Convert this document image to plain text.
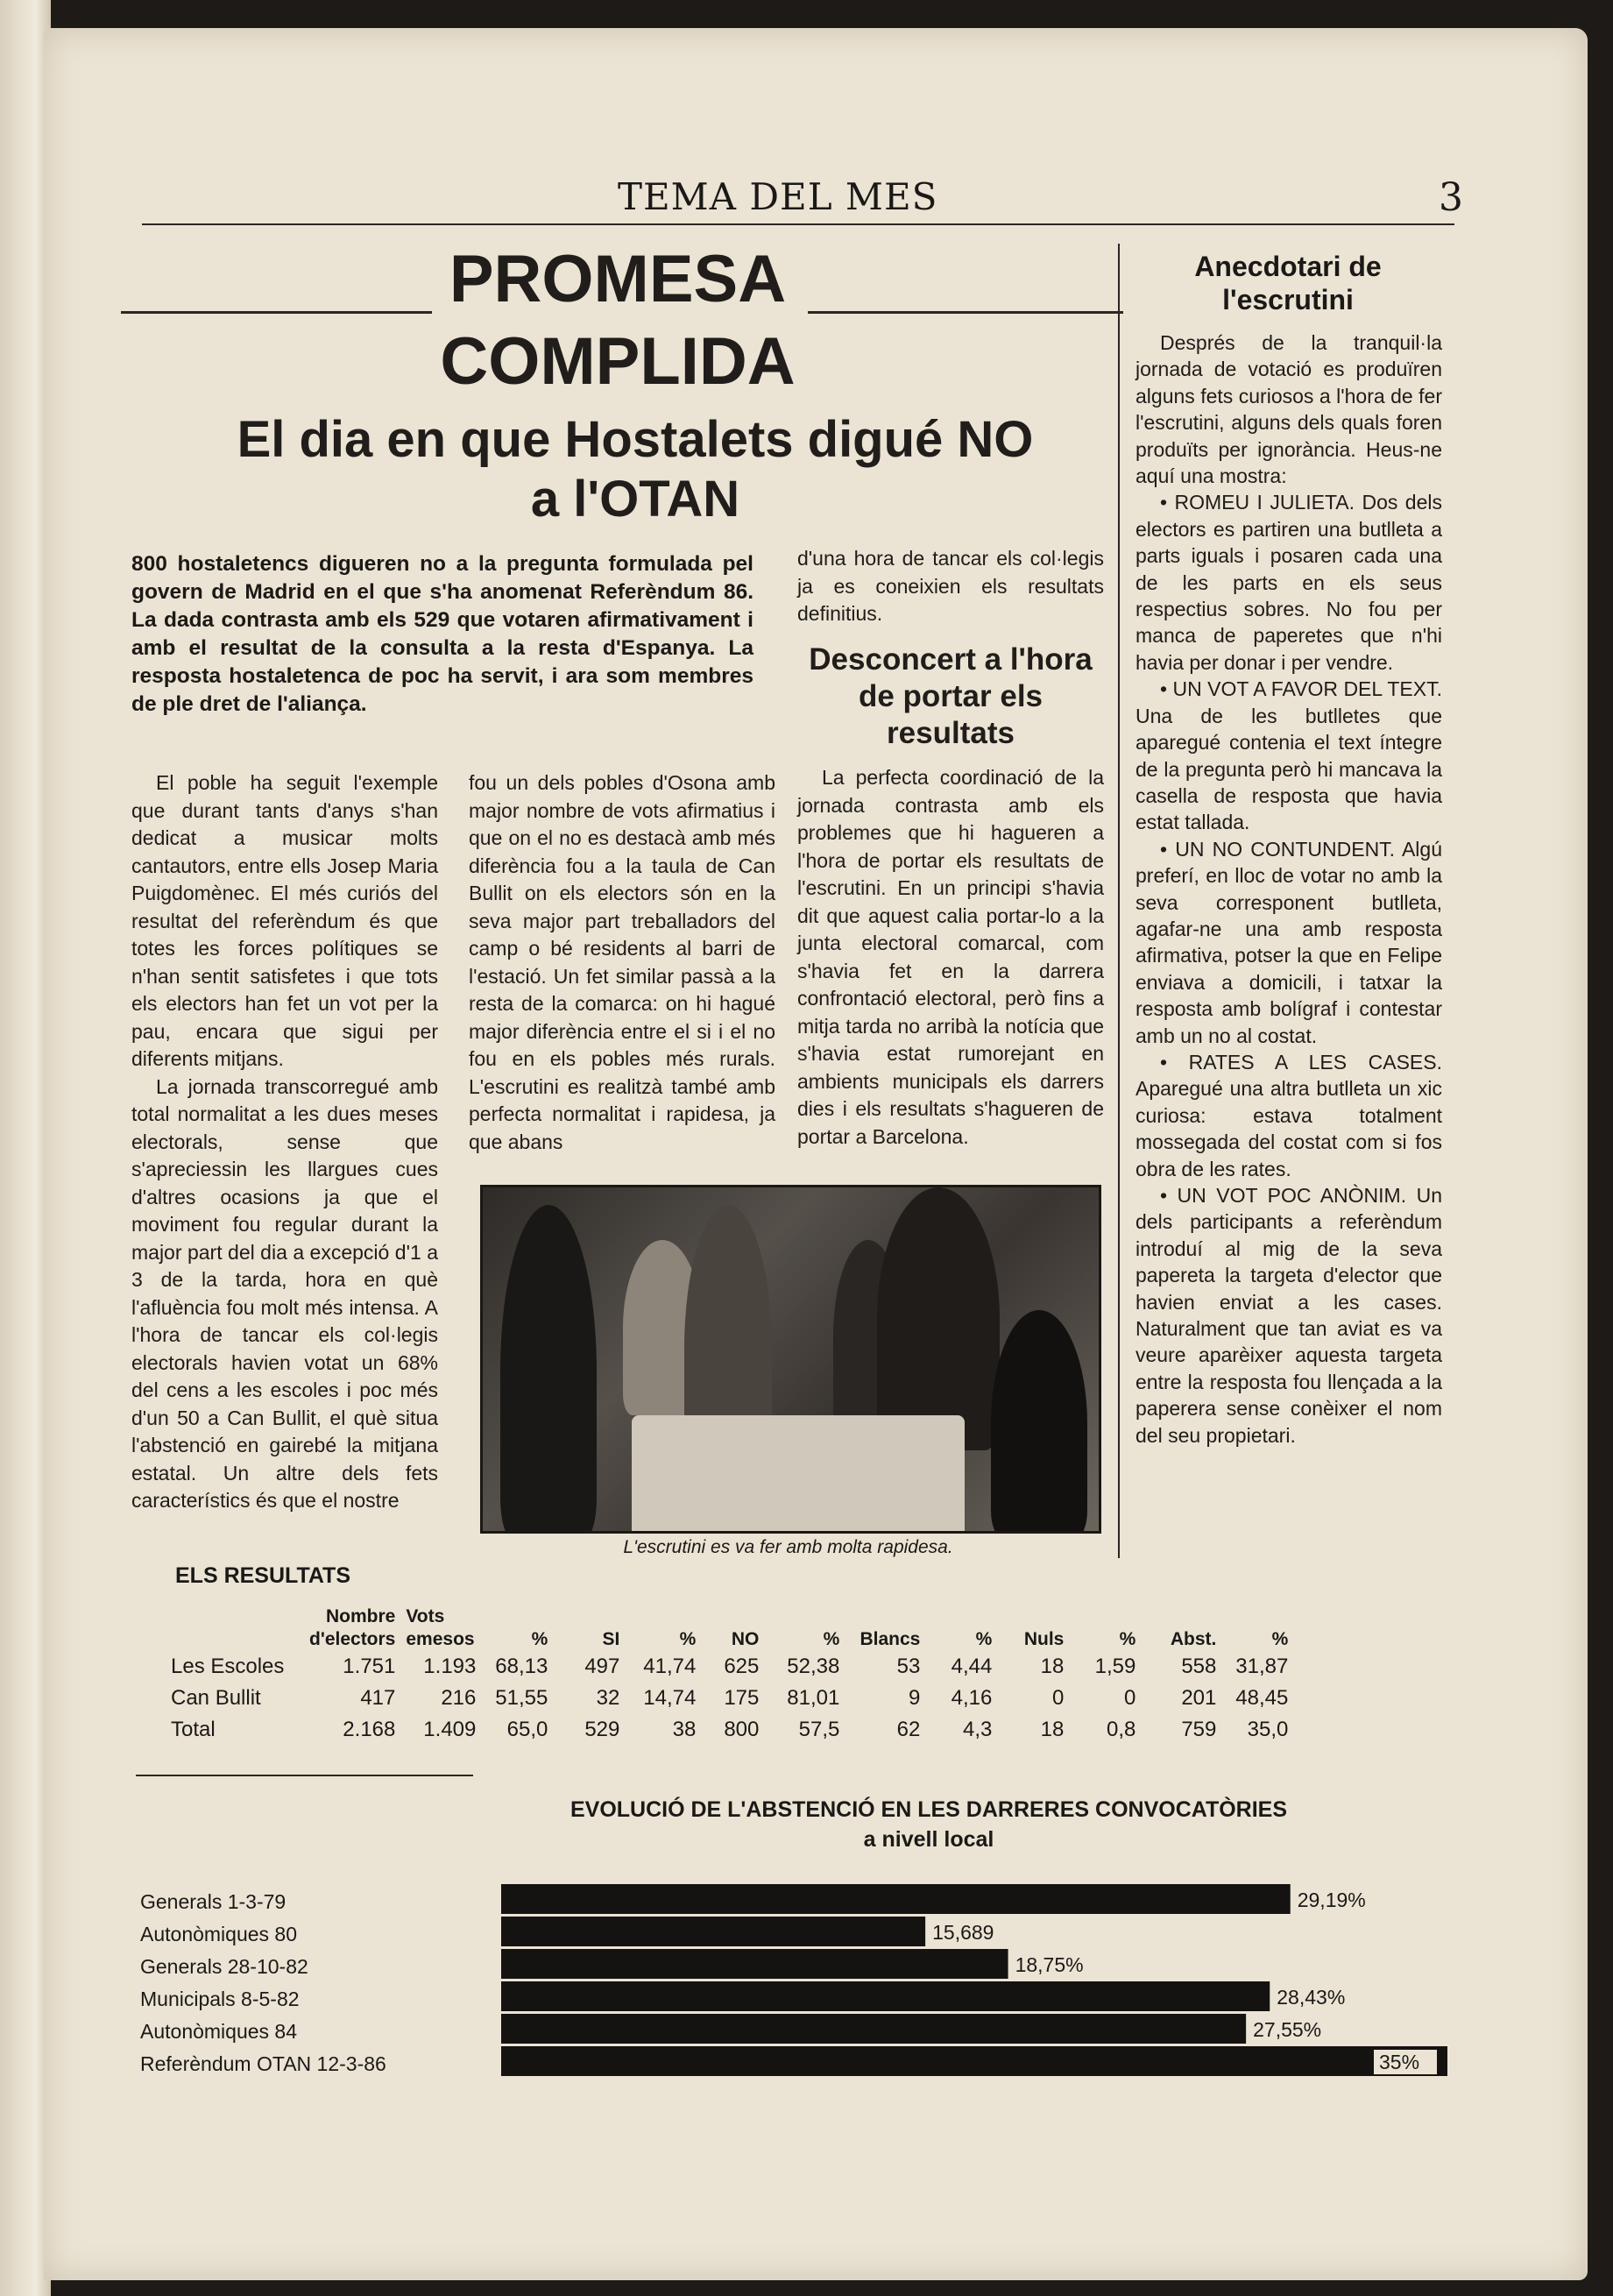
TEMA DEL MES	3
PROMESA
COMPLIDA
El dia en que Hostalets digué NO
a l'OTAN
800 hostaletencs digueren no a la pregunta formulada pel govern de Madrid en el que s'ha anomenat Referèndum 86. La dada contrasta amb els 529 que votaren afirmativament i amb el resultat de la consulta a la resta d'Espanya. La resposta hostaletenca de poc ha servit, i ara som membres de ple dret de l'aliança.

El poble ha seguit l'exemple que durant tants d'anys s'han dedicat a musicar molts cantautors, entre ells Josep Maria Puigdomènec. El més curiós del resultat del referèndum és que totes les forces polítiques se n'han sentit satisfetes i que tots els electors han fet un vot per la pau, encara que sigui per diferents mitjans.

La jornada transcorregué amb total normalitat a les dues meses electorals, sense que s'apreciessin les llargues cues d'altres ocasions ja que el moviment fou regular durant la major part del dia a excepció d'1 a 3 de la tarda, hora en què l'afluència fou molt més intensa. A l'hora de tancar els col·legis electorals havien votat un 68% del cens a les escoles i poc més d'un 50 a Can Bullit, el què situa l'abstenció en gairebé la mitjana estatal. Un altre dels fets característics és que el nostre

fou un dels pobles d'Osona amb major nombre de vots afirmatius i que on el no es destacà amb més diferència fou a la taula de Can Bullit on els electors són en la seva major part treballadors del camp o bé residents al barri de l'estació. Un fet similar passà a la resta de la comarca: on hi hagué major diferència entre el si i el no fou en els pobles més rurals. L'escrutini es realitzà també amb perfecta normalitat i rapidesa, ja que abans

d'una hora de tancar els col·legis ja es coneixien els resultats definitius.

Desconcert a l'hora
de portar els
resultats

La perfecta coordinació de la jornada contrasta amb els problemes que hi hagueren a l'hora de portar els resultats de l'escrutini. En un principi s'havia dit que aquest calia portar-lo a la junta electoral comarcal, com s'havia fet en la darrera confrontació electoral, però fins a mitja tarda no arribà la notícia que s'havia estat rumorejant en ambients municipals els darrers dies i els resultats s'hagueren de portar a Barcelona.

L'escrutini es va fer amb molta rapidesa.
Anecdotari de
l'escrutini

Després de la tranquil·la jornada de votació es produïren alguns fets curiosos a l'hora de fer l'escrutini, alguns dels quals foren produïts per ignorància. Heus-ne aquí una mostra:

• ROMEU I JULIETA. Dos dels electors es partiren una butlleta a parts iguals i posaren cada una de les parts en els seus respectius sobres. No fou per manca de paperetes que n'hi havia per donar i per vendre.

• UN VOT A FAVOR DEL TEXT. Una de les butlletes que aparegué contenia el text íntegre de la pregunta però hi mancava la casella de resposta que havia estat tallada.

• UN NO CONTUNDENT. Algú preferí, en lloc de votar no amb la seva corresponent butlleta, agafar-ne una amb resposta afirmativa, potser la que en Felipe enviava a domicili, i tatxar la resposta amb bolígraf i contestar amb un no al costat.

• RATES A LES CASES. Aparegué una altra butlleta un xic curiosa: estava totalment mossegada del costat com si fos obra de les rates.

• UN VOT POC ANÒNIM. Un dels participants a referèndum introduí al mig de la seva papereta la targeta d'elector que havien enviat a les cases. Naturalment que tan aviat es va veure aparèixer aquesta targeta entre la resposta fou llençada a la paperera sense conèixer el nom del seu propietari.

ELS RESULTATS
	Nombre d'electors	Vots emesos	%	SI	%	NO	%	Blancs	%	Nuls	%	Abst.	%
Les Escoles	1.751	1.193	68,13	497	41,74	625	52,38	53	4,44	18	1,59	558	31,87
Can Bullit	417	216	51,55	32	14,74	175	81,01	9	4,16	0	0	201	48,45
Total	2.168	1.409	65,0	529	38	800	57,5	62	4,3	18	0,8	759	35,0
EVOLUCIÓ DE L'ABSTENCIÓ EN LES DARRERES CONVOCATÒRIES
a nivell local
Generals 1-3-79
Autonòmiques 80
Generals 28-10-82
Municipals 8-5-82
Autonòmiques 84
Referèndum OTAN 12-3-86
29,19%
15,689
18,75%
28,43%
27,55%
35%
